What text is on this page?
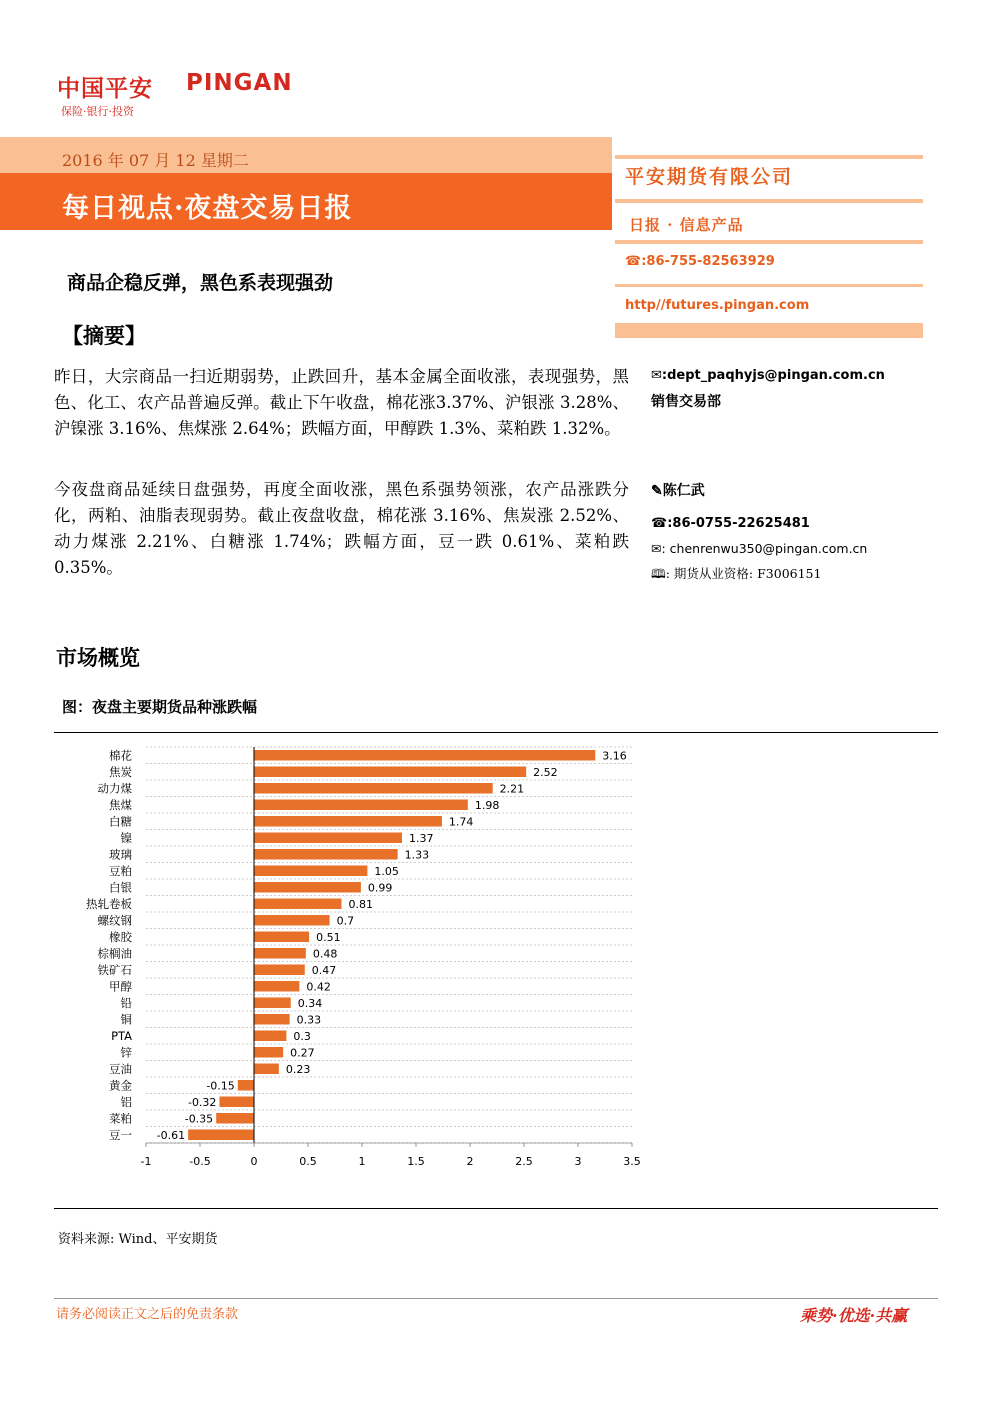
中国平安 PINGAN
保险·银行·投资
2016 年 07 月 12 星期二
每日视点·夜盘交易日报
平安期货有限公司
日报 · 信息产品
☎:86-755-82563929
http//futures.pingan.com
商品企稳反弹，黑色系表现强劲
【摘要】
昨日，大宗商品一扫近期弱势，止跌回升，基本金属全面收涨，表现强势，黑色、化工、农产品普遍反弹。截止下午收盘，棉花涨3.37%、沪银涨 3.28%、沪镍涨 3.16%、焦煤涨 2.64%；跌幅方面，甲醇跌 1.3%、菜粕跌 1.32%。
今夜盘商品延续日盘强势，再度全面收涨，黑色系强势领涨，农产品涨跌分化，两粕、油脂表现弱势。截止夜盘收盘，棉花涨 3.16%、焦炭涨 2.52%、动力煤涨 2.21%、白糖涨 1.74%；跌幅方面，豆一跌 0.61%、菜粕跌 0.35%。
✉:dept_paqhyjs@pingan.com.cn
销售交易部
✎陈仁武
☎:86-0755-22625481
✉: chenrenwu350@pingan.com.cn
🕮: 期货从业资格: F3006151
市场概览
图：夜盘主要期货品种涨跌幅
3.16
棉花
2.52
焦炭
2.21
动力煤
1.98
焦煤
1.74
白糖
1.37
镍
1.33
玻璃
1.05
豆粕
0.99
白银
0.81
热轧卷板
0.7
螺纹钢
0.51
橡胶
0.48
棕榈油
0.47
铁矿石
0.42
甲醇
0.34
铅
0.33
铜
0.3
PTA
0.27
锌
0.23
豆油
-0.15
黄金
-0.32
铝
-0.35
菜粕
-0.61
豆一
-1	-0.5	0	0.5	1	1.5	2	2.5	3	3.5
资料来源: Wind、平安期货
请务必阅读正文之后的免责条款	乘势·优选·共赢
